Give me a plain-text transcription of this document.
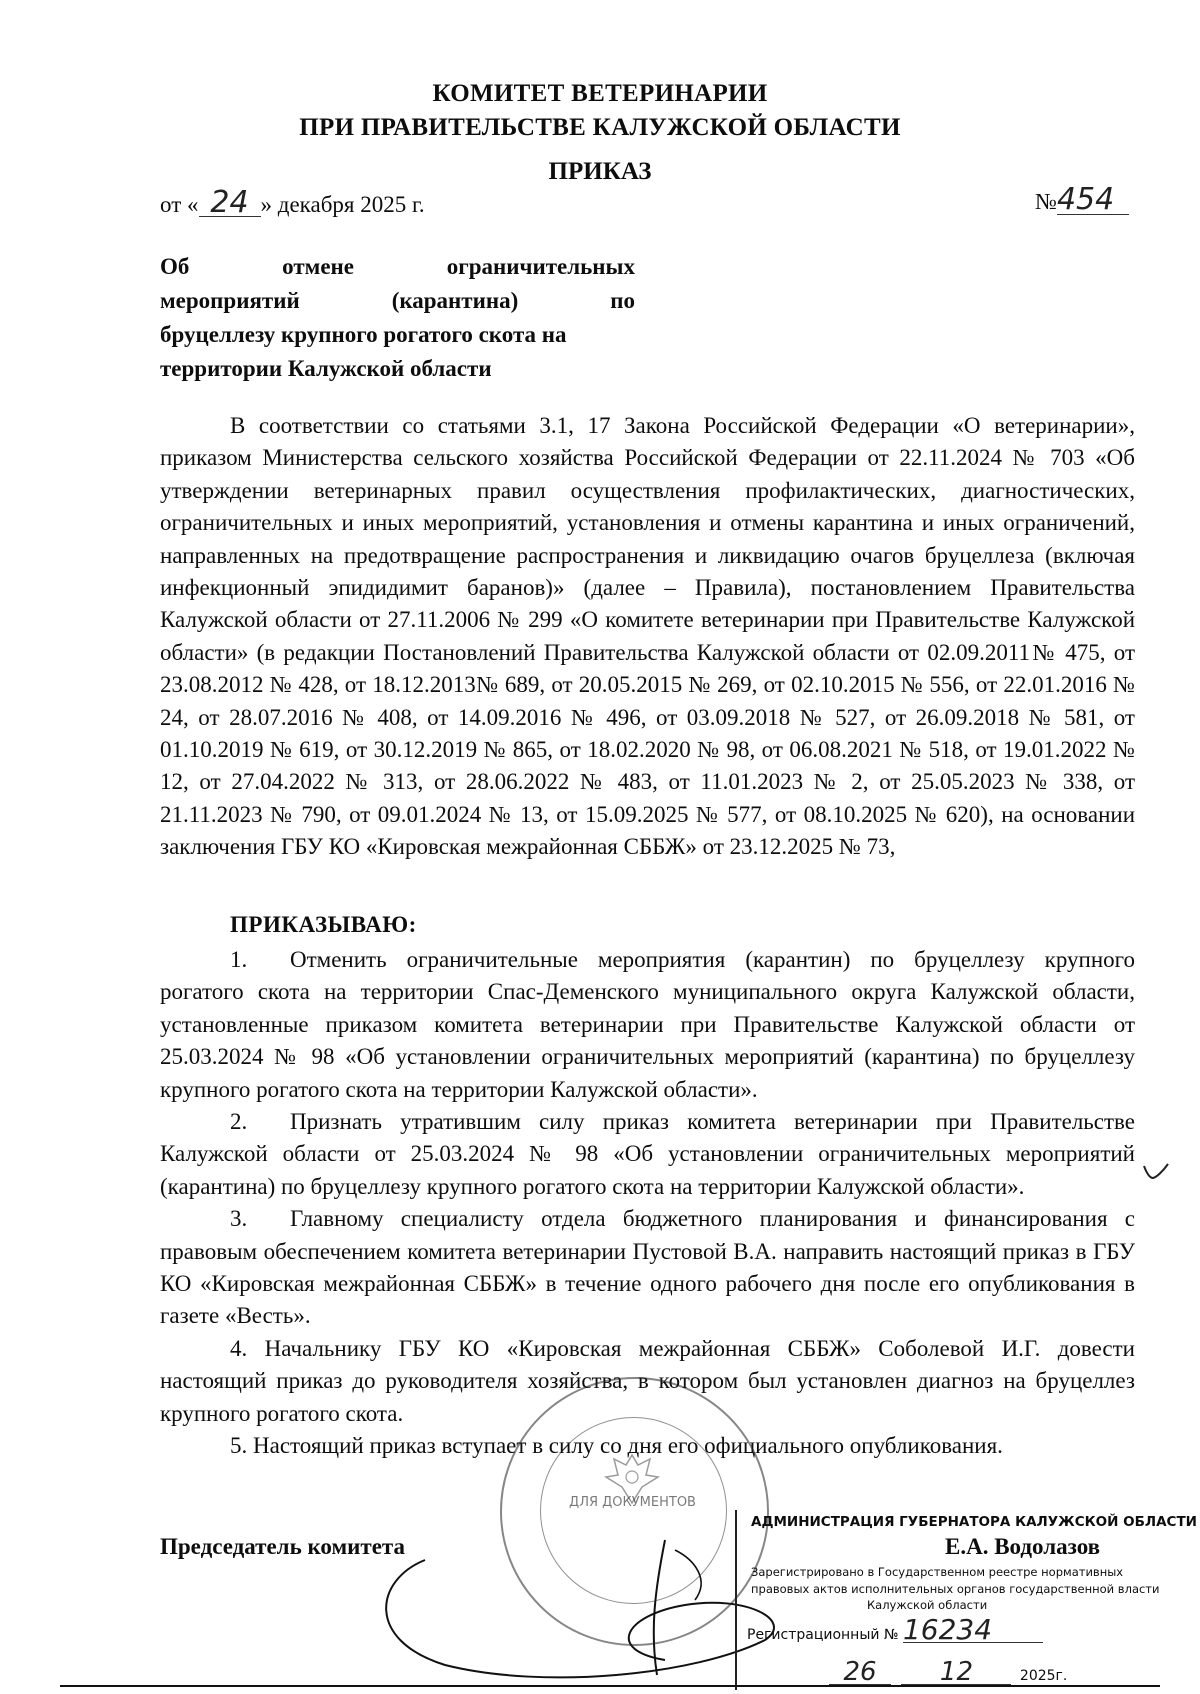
КОМИТЕТ ВЕТЕРИНАРИИ
ПРИ ПРАВИТЕЛЬСТВЕ КАЛУЖСКОЙ ОБЛАСТИ
ПРИКАЗ
от « 24 » декабря 2025 г.	№454
Об отмене ограничительных
мероприятий (карантина) по
бруцеллезу крупного рогатого скота на
территории Калужской области
В соответствии со статьями 3.1, 17 Закона Российской Федерации «О ветеринарии», приказом Министерства сельского хозяйства Российской Федерации от 22.11.2024 № 703 «Об утверждении ветеринарных правил осуществления профилактических, диагностических, ограничительных и иных мероприятий, установления и отмены карантина и иных ограничений, направленных на предотвращение распространения и ликвидацию очагов бруцеллеза (включая инфекционный эпидидимит баранов)» (далее – Правила), постановлением Правительства Калужской области от 27.11.2006 № 299 «О комитете ветеринарии при Правительстве Калужской области» (в редакции Постановлений Правительства Калужской области от 02.09.2011№ 475, от 23.08.2012 № 428, от 18.12.2013№ 689, от 20.05.2015 № 269, от 02.10.2015 № 556, от 22.01.2016 № 24, от 28.07.2016 № 408, от 14.09.2016 № 496, от 03.09.2018 № 527, от 26.09.2018 № 581, от 01.10.2019 № 619, от 30.12.2019 № 865, от 18.02.2020 № 98, от 06.08.2021 № 518, от 19.01.2022 № 12, от 27.04.2022 № 313, от 28.06.2022 № 483, от 11.01.2023 № 2, от 25.05.2023 № 338, от 21.11.2023 № 790, от 09.01.2024 № 13, от 15.09.2025 № 577, от 08.10.2025 № 620), на основании заключения ГБУ КО «Кировская межрайонная СББЖ» от 23.12.2025 № 73,
ПРИКАЗЫВАЮ:

1. Отменить ограничительные мероприятия (карантин) по бруцеллезу крупного рогатого скота на территории Спас-Деменского муниципального округа Калужской области, установленные приказом комитета ветеринарии при Правительстве Калужской области от 25.03.2024 № 98 «Об установлении ограничительных мероприятий (карантина) по бруцеллезу крупного рогатого скота на территории Калужской области».

2. Признать утратившим силу приказ комитета ветеринарии при Правительстве Калужской области от 25.03.2024 № 98 «Об установлении ограничительных мероприятий (карантина) по бруцеллезу крупного рогатого скота на территории Калужской области».

3. Главному специалисту отдела бюджетного планирования и финансирования с правовым обеспечением комитета ветеринарии Пустовой В.А. направить настоящий приказ в ГБУ КО «Кировская межрайонная СББЖ» в течение одного рабочего дня после его опубликования в газете «Весть».

4. Начальнику ГБУ КО «Кировская межрайонная СББЖ» Соболевой И.Г. довести настоящий приказ до руководителя хозяйства, в котором был установлен диагноз на бруцеллез крупного рогатого скота.

5. Настоящий приказ вступает в силу со дня его официального опубликования.

Председатель комитета
ДЛЯ ДОКУМЕНТОВ
Е.А. Водолазов
АДМИНИСТРАЦИЯ ГУБЕРНАТОРА КАЛУЖСКОЙ ОБЛАСТИ
Зарегистрировано в Государственном реестре нормативных
правовых актов исполнительных органов государственной власти
Калужской области
Регистрационный № 16234
26 12	2025г.
